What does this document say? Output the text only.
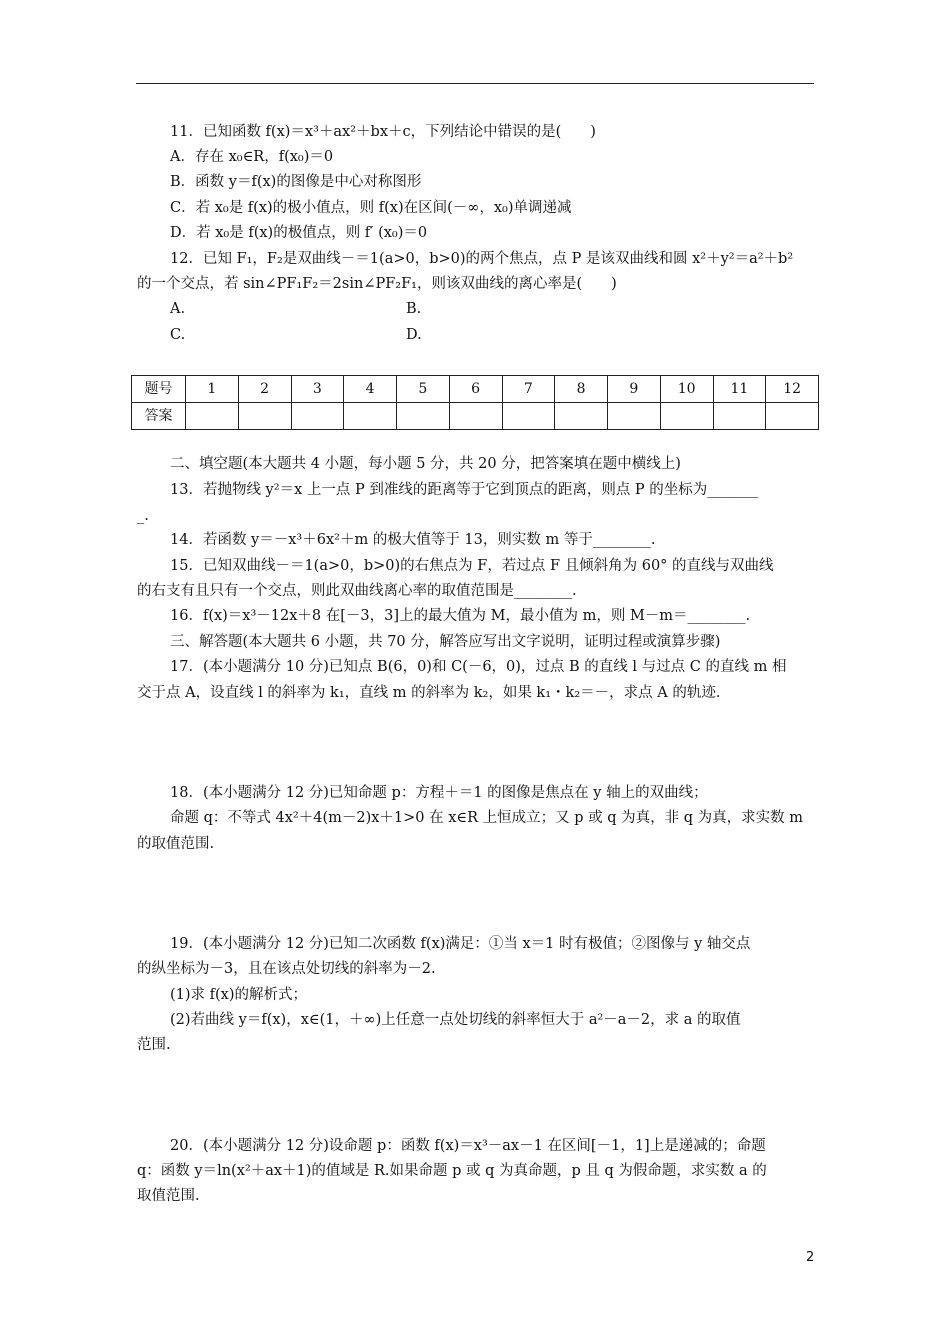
11．已知函数 f(x)＝x³＋ax²＋bx＋c，下列结论中错误的是(　　)
A．存在 x₀∈R，f(x₀)＝0
B．函数 y＝f(x)的图像是中心对称图形
C．若 x₀是 f(x)的极小值点，则 f(x)在区间(－∞，x₀)单调递减
D．若 x₀是 f(x)的极值点，则 f′ (x₀)＝0
12．已知 F₁，F₂是双曲线－＝1(a>0，b>0)的两个焦点，点 P 是该双曲线和圆 x²＋y²＝a²＋b²
的一个交点，若 sin∠PF₁F₂＝2sin∠PF₂F₁，则该双曲线的离心率是(　　)
A.	B.
C.	D.
题号	1	2	3	4	5	6	7	8	9	10	11	12
答案												
二、填空题(本大题共 4 小题，每小题 5 分，共 20 分，把答案填在题中横线上)
13．若抛物线 y²＝x 上一点 P 到准线的距离等于它到顶点的距离，则点 P 的坐标为_______
_.
14．若函数 y＝－x³＋6x²＋m 的极大值等于 13，则实数 m 等于________.
15．已知双曲线－＝1(a>0，b>0)的右焦点为 F，若过点 F 且倾斜角为 60° 的直线与双曲线
的右支有且只有一个交点，则此双曲线离心率的取值范围是________.
16．f(x)＝x³－12x＋8 在[－3，3]上的最大值为 M，最小值为 m，则 M－m＝________.
三、解答题(本大题共 6 小题，共 70 分，解答应写出文字说明，证明过程或演算步骤)
17．(本小题满分 10 分)已知点 B(6，0)和 C(－6，0)，过点 B 的直线 l 与过点 C 的直线 m 相
交于点 A，设直线 l 的斜率为 k₁，直线 m 的斜率为 k₂，如果 k₁・k₂＝－，求点 A 的轨迹.
18．(本小题满分 12 分)已知命题 p：方程＋＝1 的图像是焦点在 y 轴上的双曲线；
命题 q：不等式 4x²＋4(m－2)x＋1>0 在 x∈R 上恒成立；又 p 或 q 为真，非 q 为真，求实数 m
的取值范围.
19．(本小题满分 12 分)已知二次函数 f(x)满足：①当 x＝1 时有极值；②图像与 y 轴交点
的纵坐标为－3，且在该点处切线的斜率为－2.
(1)求 f(x)的解析式；
(2)若曲线 y＝f(x)，x∈(1，＋∞)上任意一点处切线的斜率恒大于 a²－a－2，求 a 的取值
范围.
20．(本小题满分 12 分)设命题 p：函数 f(x)＝x³－ax－1 在区间[－1，1]上是递减的；命题
q：函数 y＝ln(x²＋ax＋1)的值域是 R.如果命题 p 或 q 为真命题，p 且 q 为假命题，求实数 a 的
取值范围.
2
